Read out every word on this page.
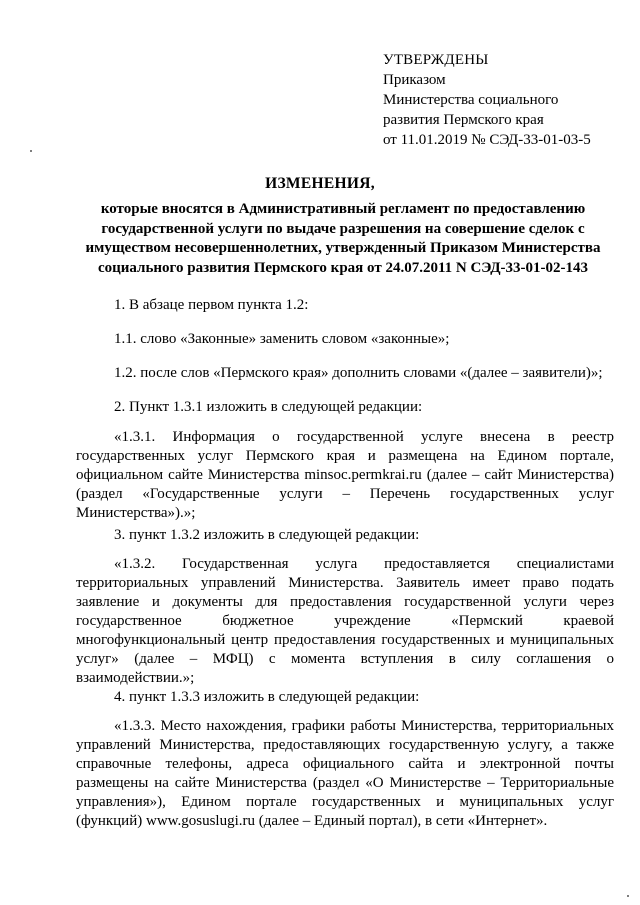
УТВЕРЖДЕНЫ
Приказом
Министерства социального
развития Пермского края
от 11.01.2019 № СЭД-33-01-03-5
ИЗМЕНЕНИЯ,
которые вносятся в Административный регламент по предоставлению
государственной услуги по выдаче разрешения на совершение сделок с
имуществом несовершеннолетних, утвержденный Приказом Министерства
социального развития Пермского края от 24.07.2011 N СЭД-33-01-02-143
1. В абзаце первом пункта 1.2:
1.1. слово «Законные» заменить словом «законные»;
1.2. после слов «Пермского края» дополнить словами «(далее – заявители)»;
2. Пункт 1.3.1 изложить в следующей редакции:
«1.3.1. Информация о государственной услуге внесена в реестр
государственных услуг Пермского края и размещена на Едином портале,
официальном сайте Министерства minsoc.permkrai.ru (далее – сайт Министерства)
(раздел «Государственные услуги – Перечень государственных услуг
Министерства»).»;
3. пункт 1.3.2 изложить в следующей редакции:
«1.3.2. Государственная услуга предоставляется специалистами
территориальных управлений Министерства. Заявитель имеет право подать
заявление и документы для предоставления государственной услуги через
государственное бюджетное учреждение «Пермский краевой
многофункциональный центр предоставления государственных и муниципальных
услуг» (далее – МФЦ) с момента вступления в силу соглашения о
взаимодействии.»;
4. пункт 1.3.3 изложить в следующей редакции:
«1.3.3. Место нахождения, графики работы Министерства, территориальных
управлений Министерства, предоставляющих государственную услугу, а также
справочные телефоны, адреса официального сайта и электронной почты
размещены на сайте Министерства (раздел «О Министерстве – Территориальные
управления»), Едином портале государственных и муниципальных услуг
(функций) www.gosuslugi.ru (далее – Единый портал), в сети «Интернет».
